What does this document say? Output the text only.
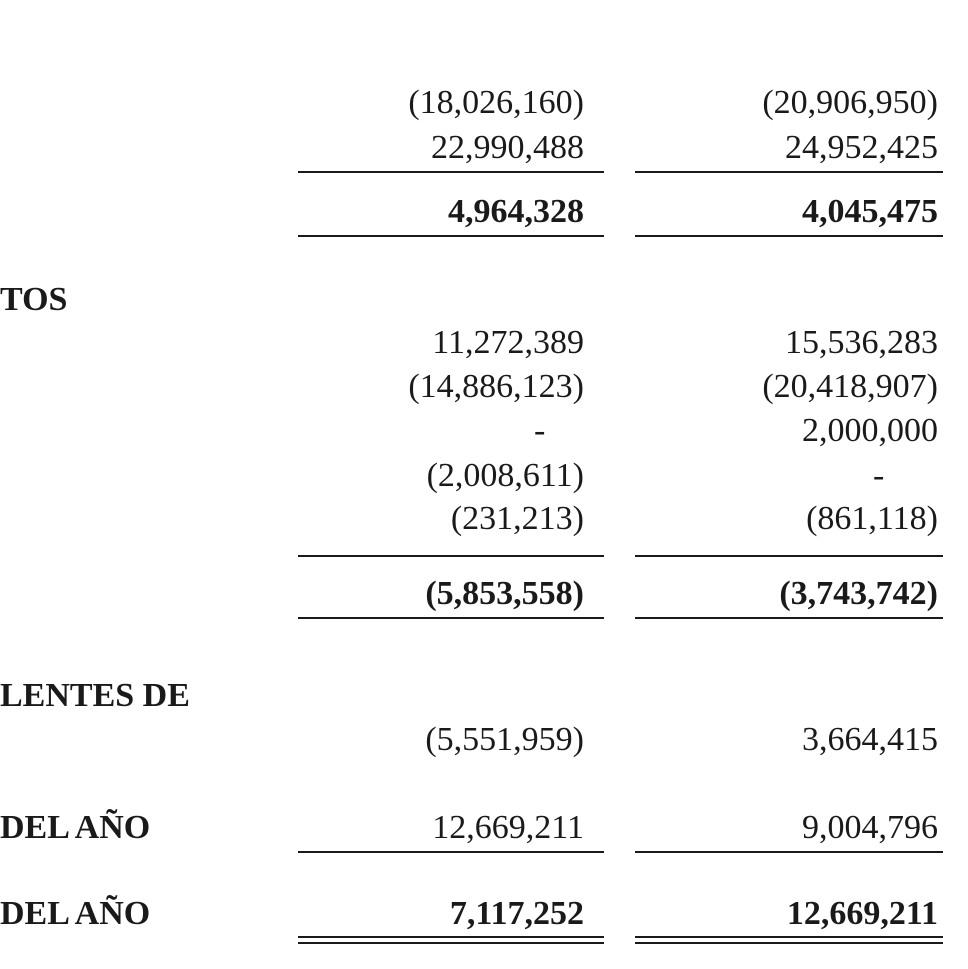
(18,026,160)	(20,906,950)
22,990,488	24,952,425
4,964,328	4,045,475
TOS
11,272,389	15,536,283
(14,886,123)	(20,418,907)
-	2,000,000
(2,008,611)	-
(231,213)	(861,118)
(5,853,558)	(3,743,742)
LENTES DE
(5,551,959)	3,664,415
DEL AÑO	12,669,211	9,004,796
DEL AÑO	7,117,252	12,669,211
